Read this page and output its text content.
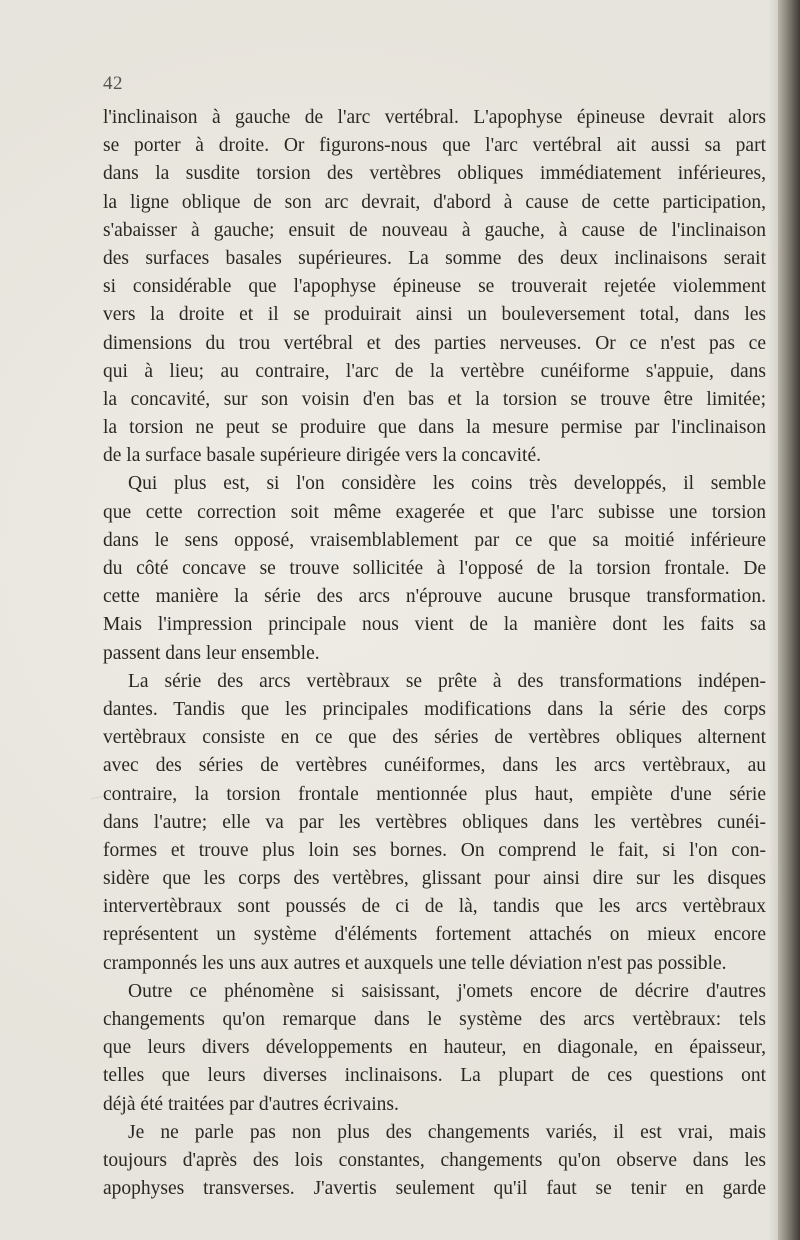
42
l'inclinaison à gauche de l'arc vertébral. L'apophyse épineuse devrait alors
se porter à droite. Or figurons-nous que l'arc vertébral ait aussi sa part
dans la susdite torsion des vertèbres obliques immédiatement inférieures,
la ligne oblique de son arc devrait, d'abord à cause de cette participation,
s'abaisser à gauche; ensuit de nouveau à gauche, à cause de l'inclinaison
des surfaces basales supérieures. La somme des deux inclinaisons serait
si considérable que l'apophyse épineuse se trouverait rejetée violemment
vers la droite et il se produirait ainsi un bouleversement total, dans les
dimensions du trou vertébral et des parties nerveuses. Or ce n'est pas ce
qui à lieu; au contraire, l'arc de la vertèbre cunéiforme s'appuie, dans
la concavité, sur son voisin d'en bas et la torsion se trouve être limitée;
la torsion ne peut se produire que dans la mesure permise par l'inclinaison
de la surface basale supérieure dirigée vers la concavité.
Qui plus est, si l'on considère les coins très developpés, il semble
que cette correction soit même exagerée et que l'arc subisse une torsion
dans le sens opposé, vraisemblablement par ce que sa moitié inférieure
du côté concave se trouve sollicitée à l'opposé de la torsion frontale. De
cette manière la série des arcs n'éprouve aucune brusque transformation.
Mais l'impression principale nous vient de la manière dont les faits sa
passent dans leur ensemble.
La série des arcs vertèbraux se prête à des transformations indépen-
dantes. Tandis que les principales modifications dans la série des corps
vertèbraux consiste en ce que des séries de vertèbres obliques alternent
avec des séries de vertèbres cunéiformes, dans les arcs vertèbraux, au
contraire, la torsion frontale mentionnée plus haut, empiète d'une série
dans l'autre; elle va par les vertèbres obliques dans les vertèbres cunéi-
formes et trouve plus loin ses bornes. On comprend le fait, si l'on con-
sidère que les corps des vertèbres, glissant pour ainsi dire sur les disques
intervertèbraux sont poussés de ci de là, tandis que les arcs vertèbraux
représentent un système d'éléments fortement attachés on mieux encore
cramponnés les uns aux autres et auxquels une telle déviation n'est pas possible.
Outre ce phénomène si saisissant, j'omets encore de décrire d'autres
changements qu'on remarque dans le système des arcs vertèbraux: tels
que leurs divers développements en hauteur, en diagonale, en épaisseur,
telles que leurs diverses inclinaisons. La plupart de ces questions ont
déjà été traitées par d'autres écrivains.
Je ne parle pas non plus des changements variés, il est vrai, mais
toujours d'après des lois constantes, changements qu'on observe dans les
apophyses transverses. J'avertis seulement qu'il faut se tenir en garde
